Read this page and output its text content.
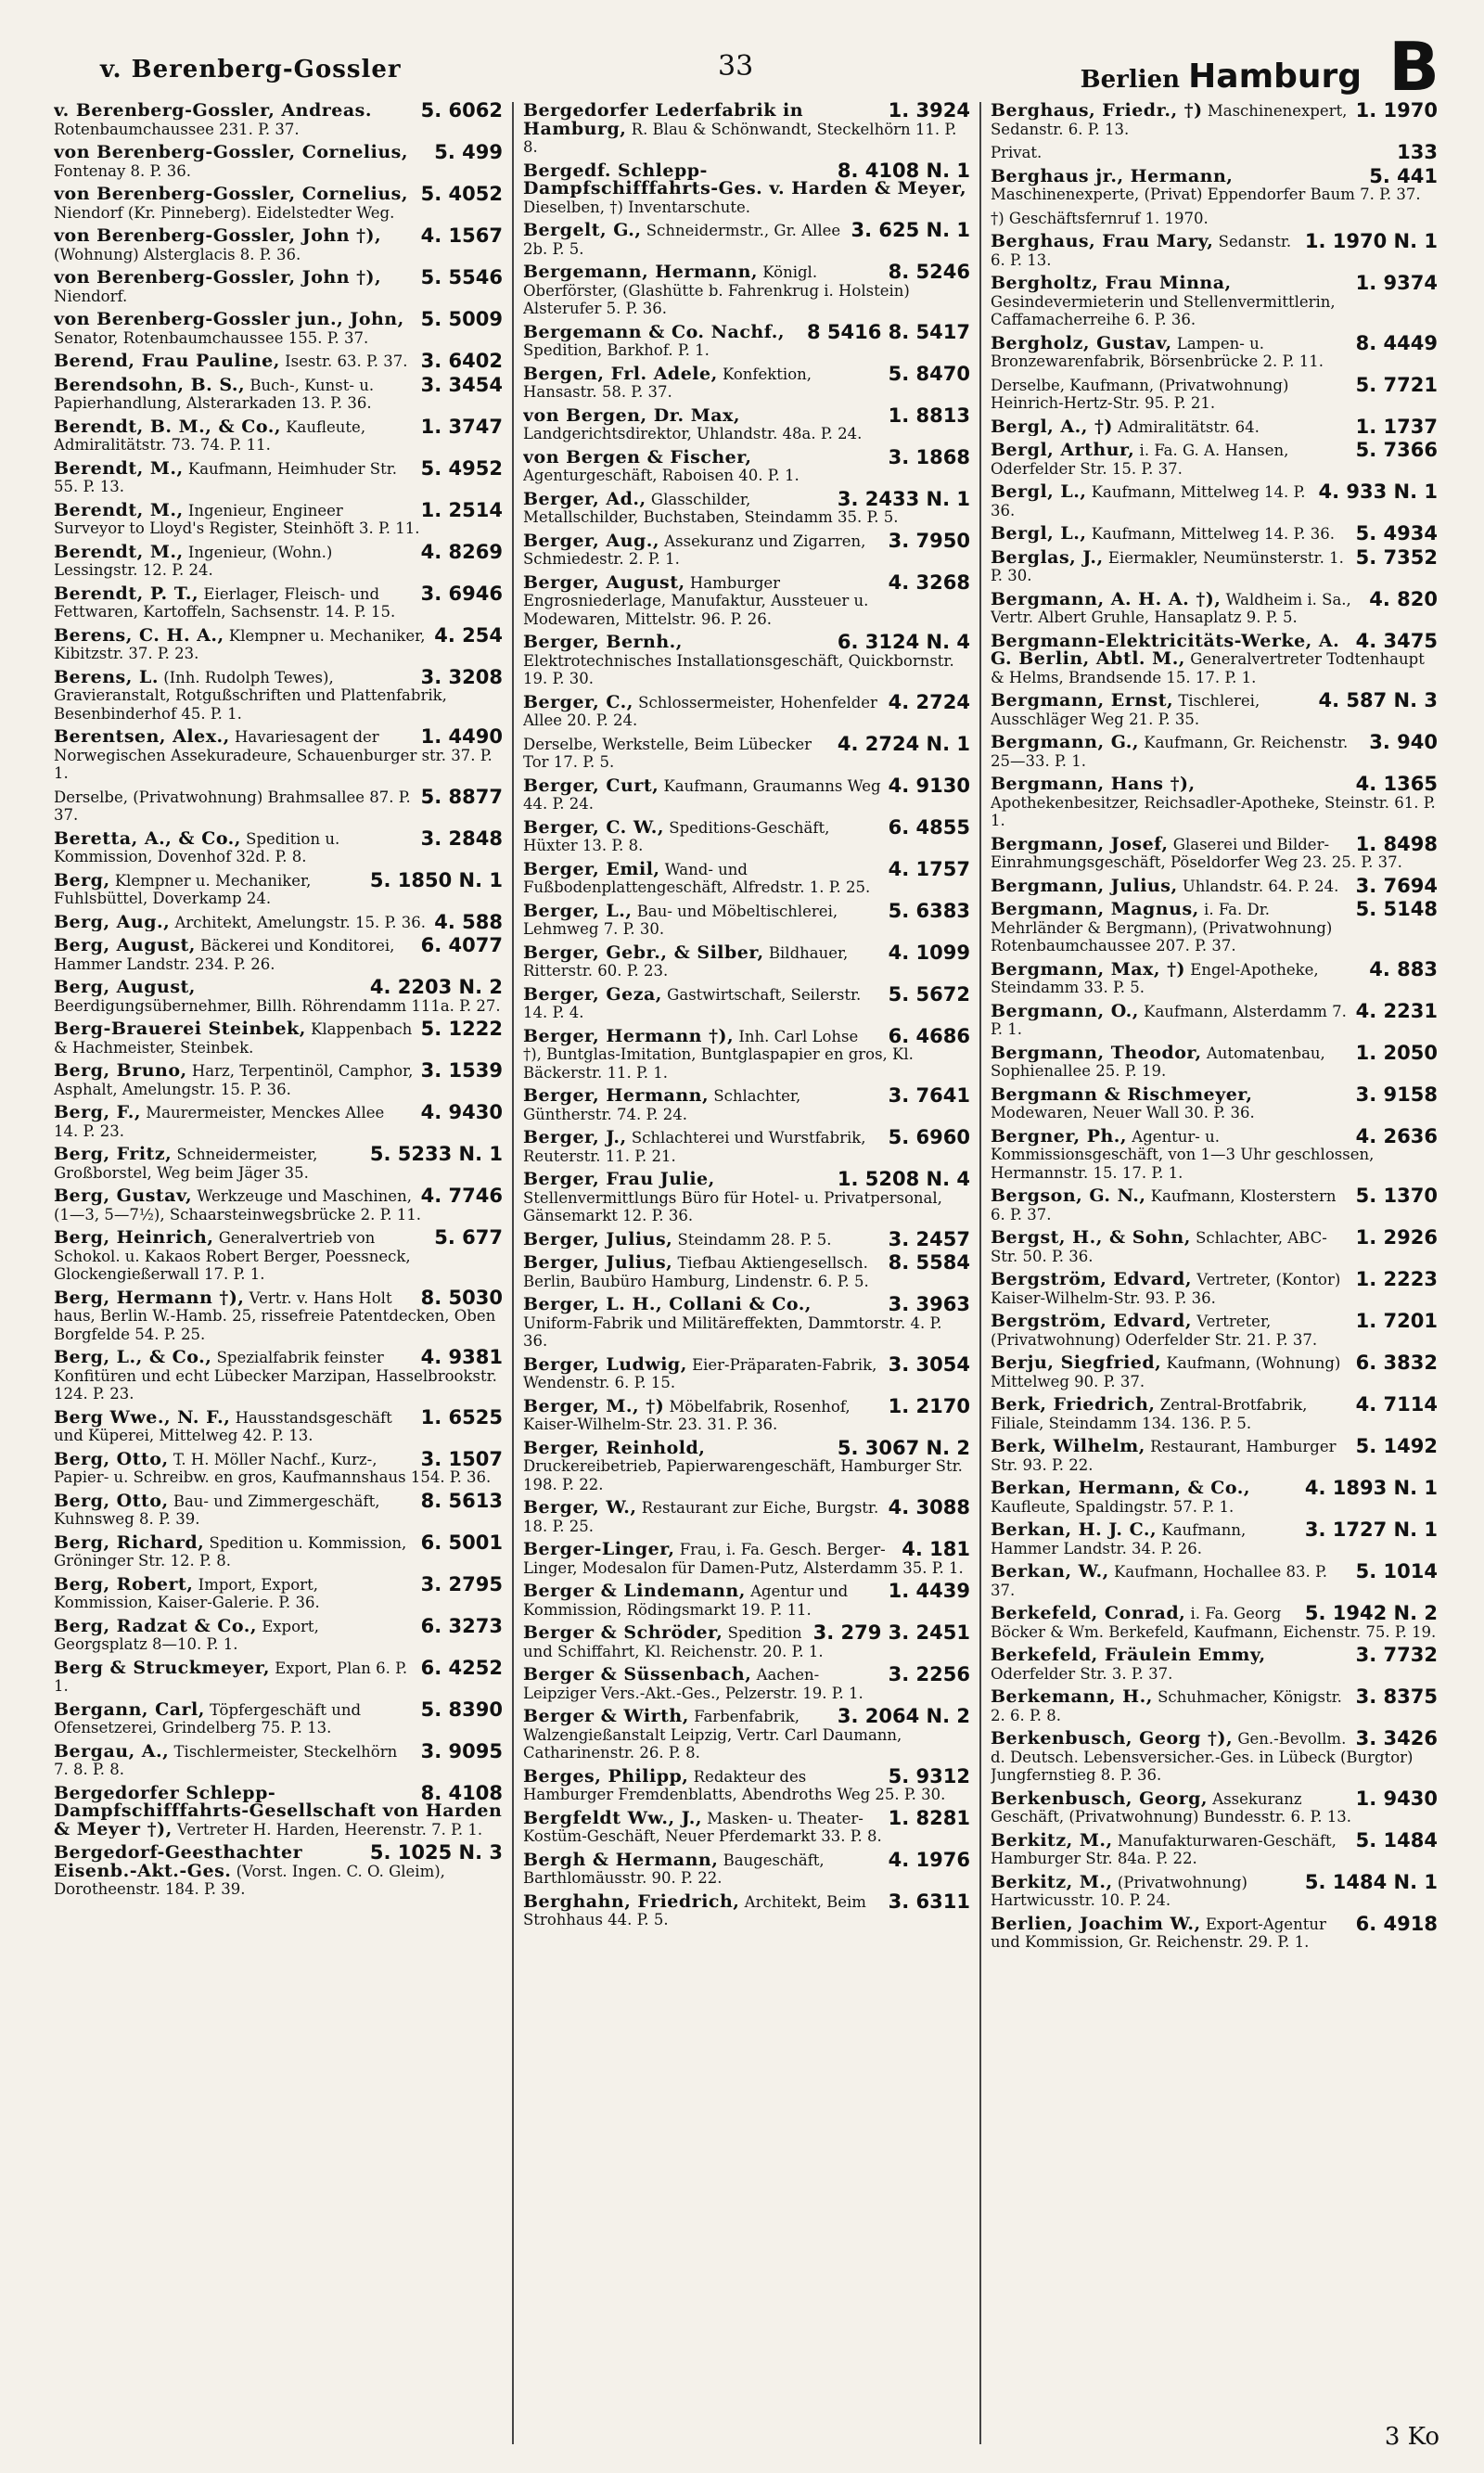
v. Berenberg-Gossler	33	Berlien Hamburg B
5. 6062
v. Berenberg-Gossler, Andreas. Rotenbaumchaussee 231. P. 37.
5. 499
von Berenberg-Gossler, Cornelius, Fontenay 8. P. 36.
5. 4052
von Berenberg-Gossler, Cornelius, Niendorf (Kr. Pinneberg). Eidelstedter Weg.
4. 1567
von Berenberg-Gossler, John †), (Wohnung) Alsterglacis 8. P. 36.
5. 5546
von Berenberg-Gossler, John †), Niendorf.
5. 5009
von Berenberg-Gossler jun., John, Senator, Rotenbaumchaussee 155. P. 37.
3. 6402
Berend, Frau Pauline, Isestr. 63. P. 37.
3. 3454
Berendsohn, B. S., Buch-, Kunst- u. Papierhandlung, Alsterarkaden 13. P. 36.
1. 3747
Berendt, B. M., & Co., Kaufleute, Admiralitätstr. 73. 74. P. 11.
5. 4952
Berendt, M., Kaufmann, Heimhuder Str. 55. P. 13.
1. 2514
Berendt, M., Ingenieur, Engineer Surveyor to Lloyd's Register, Steinhöft 3. P. 11.
4. 8269
Berendt, M., Ingenieur, (Wohn.) Lessingstr. 12. P. 24.
3. 6946
Berendt, P. T., Eierlager, Fleisch- und Fettwaren, Kartoffeln, Sachsenstr. 14. P. 15.
4. 254
Berens, C. H. A., Klempner u. Mechaniker, Kibitzstr. 37. P. 23.
3. 3208
Berens, L. (Inh. Rudolph Tewes), Gravieranstalt, Rotgußschriften und Plattenfabrik, Besenbinderhof 45. P. 1.
1. 4490
Berentsen, Alex., Havariesagent der Norwegischen Assekuradeure, Schauenburger str. 37. P. 1.
5. 8877
Derselbe, (Privatwohnung) Brahmsallee 87. P. 37.
3. 2848
Beretta, A., & Co., Spedition u. Kommission, Dovenhof 32d. P. 8.
5. 1850 N. 1
Berg, Klempner u. Mechaniker, Fuhlsbüttel, Doverkamp 24.
4. 588
Berg, Aug., Architekt, Amelungstr. 15. P. 36.
6. 4077
Berg, August, Bäckerei und Konditorei, Hammer Landstr. 234. P. 26.
4. 2203 N. 2
Berg, August, Beerdigungsübernehmer, Billh. Röhrendamm 111a. P. 27.
5. 1222
Berg-Brauerei Steinbek, Klappenbach & Hachmeister, Steinbek.
3. 1539
Berg, Bruno, Harz, Terpentinöl, Camphor, Asphalt, Amelungstr. 15. P. 36.
4. 9430
Berg, F., Maurermeister, Menckes Allee 14. P. 23.
5. 5233 N. 1
Berg, Fritz, Schneidermeister, Großborstel, Weg beim Jäger 35.
4. 7746
Berg, Gustav, Werkzeuge und Maschinen, (1—3, 5—7½), Schaarsteinwegsbrücke 2. P. 11.
5. 677
Berg, Heinrich, Generalvertrieb von Schokol. u. Kakaos Robert Berger, Poessneck, Glockengießerwall 17. P. 1.
8. 5030
Berg, Hermann †), Vertr. v. Hans Holt haus, Berlin W.-Hamb. 25, rissefreie Patentdecken, Oben Borgfelde 54. P. 25.
4. 9381
Berg, L., & Co., Spezialfabrik feinster Konfitüren und echt Lübecker Marzipan, Hasselbrookstr. 124. P. 23.
1. 6525
Berg Wwe., N. F., Hausstandsgeschäft und Küperei, Mittelweg 42. P. 13.
3. 1507
Berg, Otto, T. H. Möller Nachf., Kurz-, Papier- u. Schreibw. en gros, Kaufmannshaus 154. P. 36.
8. 5613
Berg, Otto, Bau- und Zimmergeschäft, Kuhnsweg 8. P. 39.
6. 5001
Berg, Richard, Spedition u. Kommission, Gröninger Str. 12. P. 8.
3. 2795
Berg, Robert, Import, Export, Kommission, Kaiser-Galerie. P. 36.
6. 3273
Berg, Radzat & Co., Export, Georgsplatz 8—10. P. 1.
6. 4252
Berg & Struckmeyer, Export, Plan 6. P. 1.
5. 8390
Bergann, Carl, Töpfergeschäft und Ofensetzerei, Grindelberg 75. P. 13.
3. 9095
Bergau, A., Tischlermeister, Steckelhörn 7. 8. P. 8.
8. 4108
Bergedorfer Schlepp-Dampfschifffahrts-Gesellschaft von Harden & Meyer †), Vertreter H. Harden, Heerenstr. 7. P. 1.
5. 1025 N. 3
Bergedorf-Geesthachter Eisenb.-Akt.-Ges. (Vorst. Ingen. C. O. Gleim), Dorotheenstr. 184. P. 39.
1. 3924
Bergedorfer Lederfabrik in Hamburg, R. Blau & Schönwandt, Steckelhörn 11. P. 8.
8. 4108 N. 1
Bergedf. Schlepp-Dampfschifffahrts-Ges. v. Harden & Meyer, Dieselben, †) Inventarschute.
3. 625 N. 1
Bergelt, G., Schneidermstr., Gr. Allee 2b. P. 5.
8. 5246
Bergemann, Hermann, Königl. Oberförster, (Glashütte b. Fahrenkrug i. Holstein) Alsterufer 5. P. 36.
8 5416 8. 5417
Bergemann & Co. Nachf., Spedition, Barkhof. P. 1.
5. 8470
Bergen, Frl. Adele, Konfektion, Hansastr. 58. P. 37.
1. 8813
von Bergen, Dr. Max, Landgerichtsdirektor, Uhlandstr. 48a. P. 24.
3. 1868
von Bergen & Fischer, Agenturgeschäft, Raboisen 40. P. 1.
3. 2433 N. 1
Berger, Ad., Glasschilder, Metallschilder, Buchstaben, Steindamm 35. P. 5.
3. 7950
Berger, Aug., Assekuranz und Zigarren, Schmiedestr. 2. P. 1.
4. 3268
Berger, August, Hamburger Engrosniederlage, Manufaktur, Aussteuer u. Modewaren, Mittelstr. 96. P. 26.
6. 3124 N. 4
Berger, Bernh., Elektrotechnisches Installationsgeschäft, Quickbornstr. 19. P. 30.
4. 2724
Berger, C., Schlossermeister, Hohenfelder Allee 20. P. 24.
4. 2724 N. 1
Derselbe, Werkstelle, Beim Lübecker Tor 17. P. 5.
4. 9130
Berger, Curt, Kaufmann, Graumanns Weg 44. P. 24.
6. 4855
Berger, C. W., Speditions-Geschäft, Hüxter 13. P. 8.
4. 1757
Berger, Emil, Wand- und Fußbodenplattengeschäft, Alfredstr. 1. P. 25.
5. 6383
Berger, L., Bau- und Möbeltischlerei, Lehmweg 7. P. 30.
4. 1099
Berger, Gebr., & Silber, Bildhauer, Ritterstr. 60. P. 23.
5. 5672
Berger, Geza, Gastwirtschaft, Seilerstr. 14. P. 4.
6. 4686
Berger, Hermann †), Inh. Carl Lohse †), Buntglas-Imitation, Buntglaspapier en gros, Kl. Bäckerstr. 11. P. 1.
3. 7641
Berger, Hermann, Schlachter, Güntherstr. 74. P. 24.
5. 6960
Berger, J., Schlachterei und Wurstfabrik, Reuterstr. 11. P. 21.
1. 5208 N. 4
Berger, Frau Julie, Stellenvermittlungs Büro für Hotel- u. Privatpersonal, Gänsemarkt 12. P. 36.
3. 2457
Berger, Julius, Steindamm 28. P. 5.
8. 5584
Berger, Julius, Tiefbau Aktiengesellsch. Berlin, Baubüro Hamburg, Lindenstr. 6. P. 5.
3. 3963
Berger, L. H., Collani & Co., Uniform-Fabrik und Militäreffekten, Dammtorstr. 4. P. 36.
3. 3054
Berger, Ludwig, Eier-Präparaten-Fabrik, Wendenstr. 6. P. 15.
1. 2170
Berger, M., †) Möbelfabrik, Rosenhof, Kaiser-Wilhelm-Str. 23. 31. P. 36.
5. 3067 N. 2
Berger, Reinhold, Druckereibetrieb, Papierwarengeschäft, Hamburger Str. 198. P. 22.
4. 3088
Berger, W., Restaurant zur Eiche, Burgstr. 18. P. 25.
4. 181
Berger-Linger, Frau, i. Fa. Gesch. Berger-Linger, Modesalon für Damen-Putz, Alsterdamm 35. P. 1.
1. 4439
Berger & Lindemann, Agentur und Kommission, Rödingsmarkt 19. P. 11.
3. 279 3. 2451
Berger & Schröder, Spedition und Schiffahrt, Kl. Reichenstr. 20. P. 1.
3. 2256
Berger & Süssenbach, Aachen-Leipziger Vers.-Akt.-Ges., Pelzerstr. 19. P. 1.
3. 2064 N. 2
Berger & Wirth, Farbenfabrik, Walzengießanstalt Leipzig, Vertr. Carl Daumann, Catharinenstr. 26. P. 8.
5. 9312
Berges, Philipp, Redakteur des Hamburger Fremdenblatts, Abendroths Weg 25. P. 30.
1. 8281
Bergfeldt Ww., J., Masken- u. Theater-Kostüm-Geschäft, Neuer Pferdemarkt 33. P. 8.
4. 1976
Bergh & Hermann, Baugeschäft, Barthlomäusstr. 90. P. 22.
3. 6311
Berghahn, Friedrich, Architekt, Beim Strohhaus 44. P. 5.
1. 1970
Berghaus, Friedr., †) Maschinenexpert, Sedanstr. 6. P. 13.
133
Privat.
5. 441
Berghaus jr., Hermann, Maschinenexperte, (Privat) Eppendorfer Baum 7. P. 37.
†) Geschäftsfernruf 1. 1970.
1. 1970 N. 1
Berghaus, Frau Mary, Sedanstr. 6. P. 13.
1. 9374
Bergholtz, Frau Minna, Gesindevermieterin und Stellenvermittlerin, Caffamacherreihe 6. P. 36.
8. 4449
Bergholz, Gustav, Lampen- u. Bronzewarenfabrik, Börsenbrücke 2. P. 11.
5. 7721
Derselbe, Kaufmann, (Privatwohnung) Heinrich-Hertz-Str. 95. P. 21.
1. 1737
Bergl, A., †) Admiralitätstr. 64.
5. 7366
Bergl, Arthur, i. Fa. G. A. Hansen, Oderfelder Str. 15. P. 37.
4. 933 N. 1
Bergl, L., Kaufmann, Mittelweg 14. P. 36.
5. 4934
Bergl, L., Kaufmann, Mittelweg 14. P. 36.
5. 7352
Berglas, J., Eiermakler, Neumünsterstr. 1. P. 30.
4. 820
Bergmann, A. H. A. †), Waldheim i. Sa., Vertr. Albert Gruhle, Hansaplatz 9. P. 5.
4. 3475
Bergmann-Elektricitäts-Werke, A. G. Berlin, Abtl. M., Generalvertreter Todtenhaupt & Helms, Brandsende 15. 17. P. 1.
4. 587 N. 3
Bergmann, Ernst, Tischlerei, Ausschläger Weg 21. P. 35.
3. 940
Bergmann, G., Kaufmann, Gr. Reichenstr. 25—33. P. 1.
4. 1365
Bergmann, Hans †), Apothekenbesitzer, Reichsadler-Apotheke, Steinstr. 61. P. 1.
1. 8498
Bergmann, Josef, Glaserei und Bilder-Einrahmungsgeschäft, Pöseldorfer Weg 23. 25. P. 37.
3. 7694
Bergmann, Julius, Uhlandstr. 64. P. 24.
5. 5148
Bergmann, Magnus, i. Fa. Dr. Mehrländer & Bergmann), (Privatwohnung) Rotenbaumchaussee 207. P. 37.
4. 883
Bergmann, Max, †) Engel-Apotheke, Steindamm 33. P. 5.
4. 2231
Bergmann, O., Kaufmann, Alsterdamm 7. P. 1.
1. 2050
Bergmann, Theodor, Automatenbau, Sophienallee 25. P. 19.
3. 9158
Bergmann & Rischmeyer, Modewaren, Neuer Wall 30. P. 36.
4. 2636
Bergner, Ph., Agentur- u. Kommissionsgeschäft, von 1—3 Uhr geschlossen, Hermannstr. 15. 17. P. 1.
5. 1370
Bergson, G. N., Kaufmann, Klosterstern 6. P. 37.
1. 2926
Bergst, H., & Sohn, Schlachter, ABC-Str. 50. P. 36.
1. 2223
Bergström, Edvard, Vertreter, (Kontor) Kaiser-Wilhelm-Str. 93. P. 36.
1. 7201
Bergström, Edvard, Vertreter, (Privatwohnung) Oderfelder Str. 21. P. 37.
6. 3832
Berju, Siegfried, Kaufmann, (Wohnung) Mittelweg 90. P. 37.
4. 7114
Berk, Friedrich, Zentral-Brotfabrik, Filiale, Steindamm 134. 136. P. 5.
5. 1492
Berk, Wilhelm, Restaurant, Hamburger Str. 93. P. 22.
4. 1893 N. 1
Berkan, Hermann, & Co., Kaufleute, Spaldingstr. 57. P. 1.
3. 1727 N. 1
Berkan, H. J. C., Kaufmann, Hammer Landstr. 34. P. 26.
5. 1014
Berkan, W., Kaufmann, Hochallee 83. P. 37.
5. 1942 N. 2
Berkefeld, Conrad, i. Fa. Georg Böcker & Wm. Berkefeld, Kaufmann, Eichenstr. 75. P. 19.
3. 7732
Berkefeld, Fräulein Emmy, Oderfelder Str. 3. P. 37.
3. 8375
Berkemann, H., Schuhmacher, Königstr. 2. 6. P. 8.
3. 3426
Berkenbusch, Georg †), Gen.-Bevollm. d. Deutsch. Lebensversicher.-Ges. in Lübeck (Burgtor) Jungfernstieg 8. P. 36.
1. 9430
Berkenbusch, Georg, Assekuranz Geschäft, (Privatwohnung) Bundesstr. 6. P. 13.
5. 1484
Berkitz, M., Manufakturwaren-Geschäft, Hamburger Str. 84a. P. 22.
5. 1484 N. 1
Berkitz, M., (Privatwohnung) Hartwicusstr. 10. P. 24.
6. 4918
Berlien, Joachim W., Export-Agentur und Kommission, Gr. Reichenstr. 29. P. 1.
3 Ko
